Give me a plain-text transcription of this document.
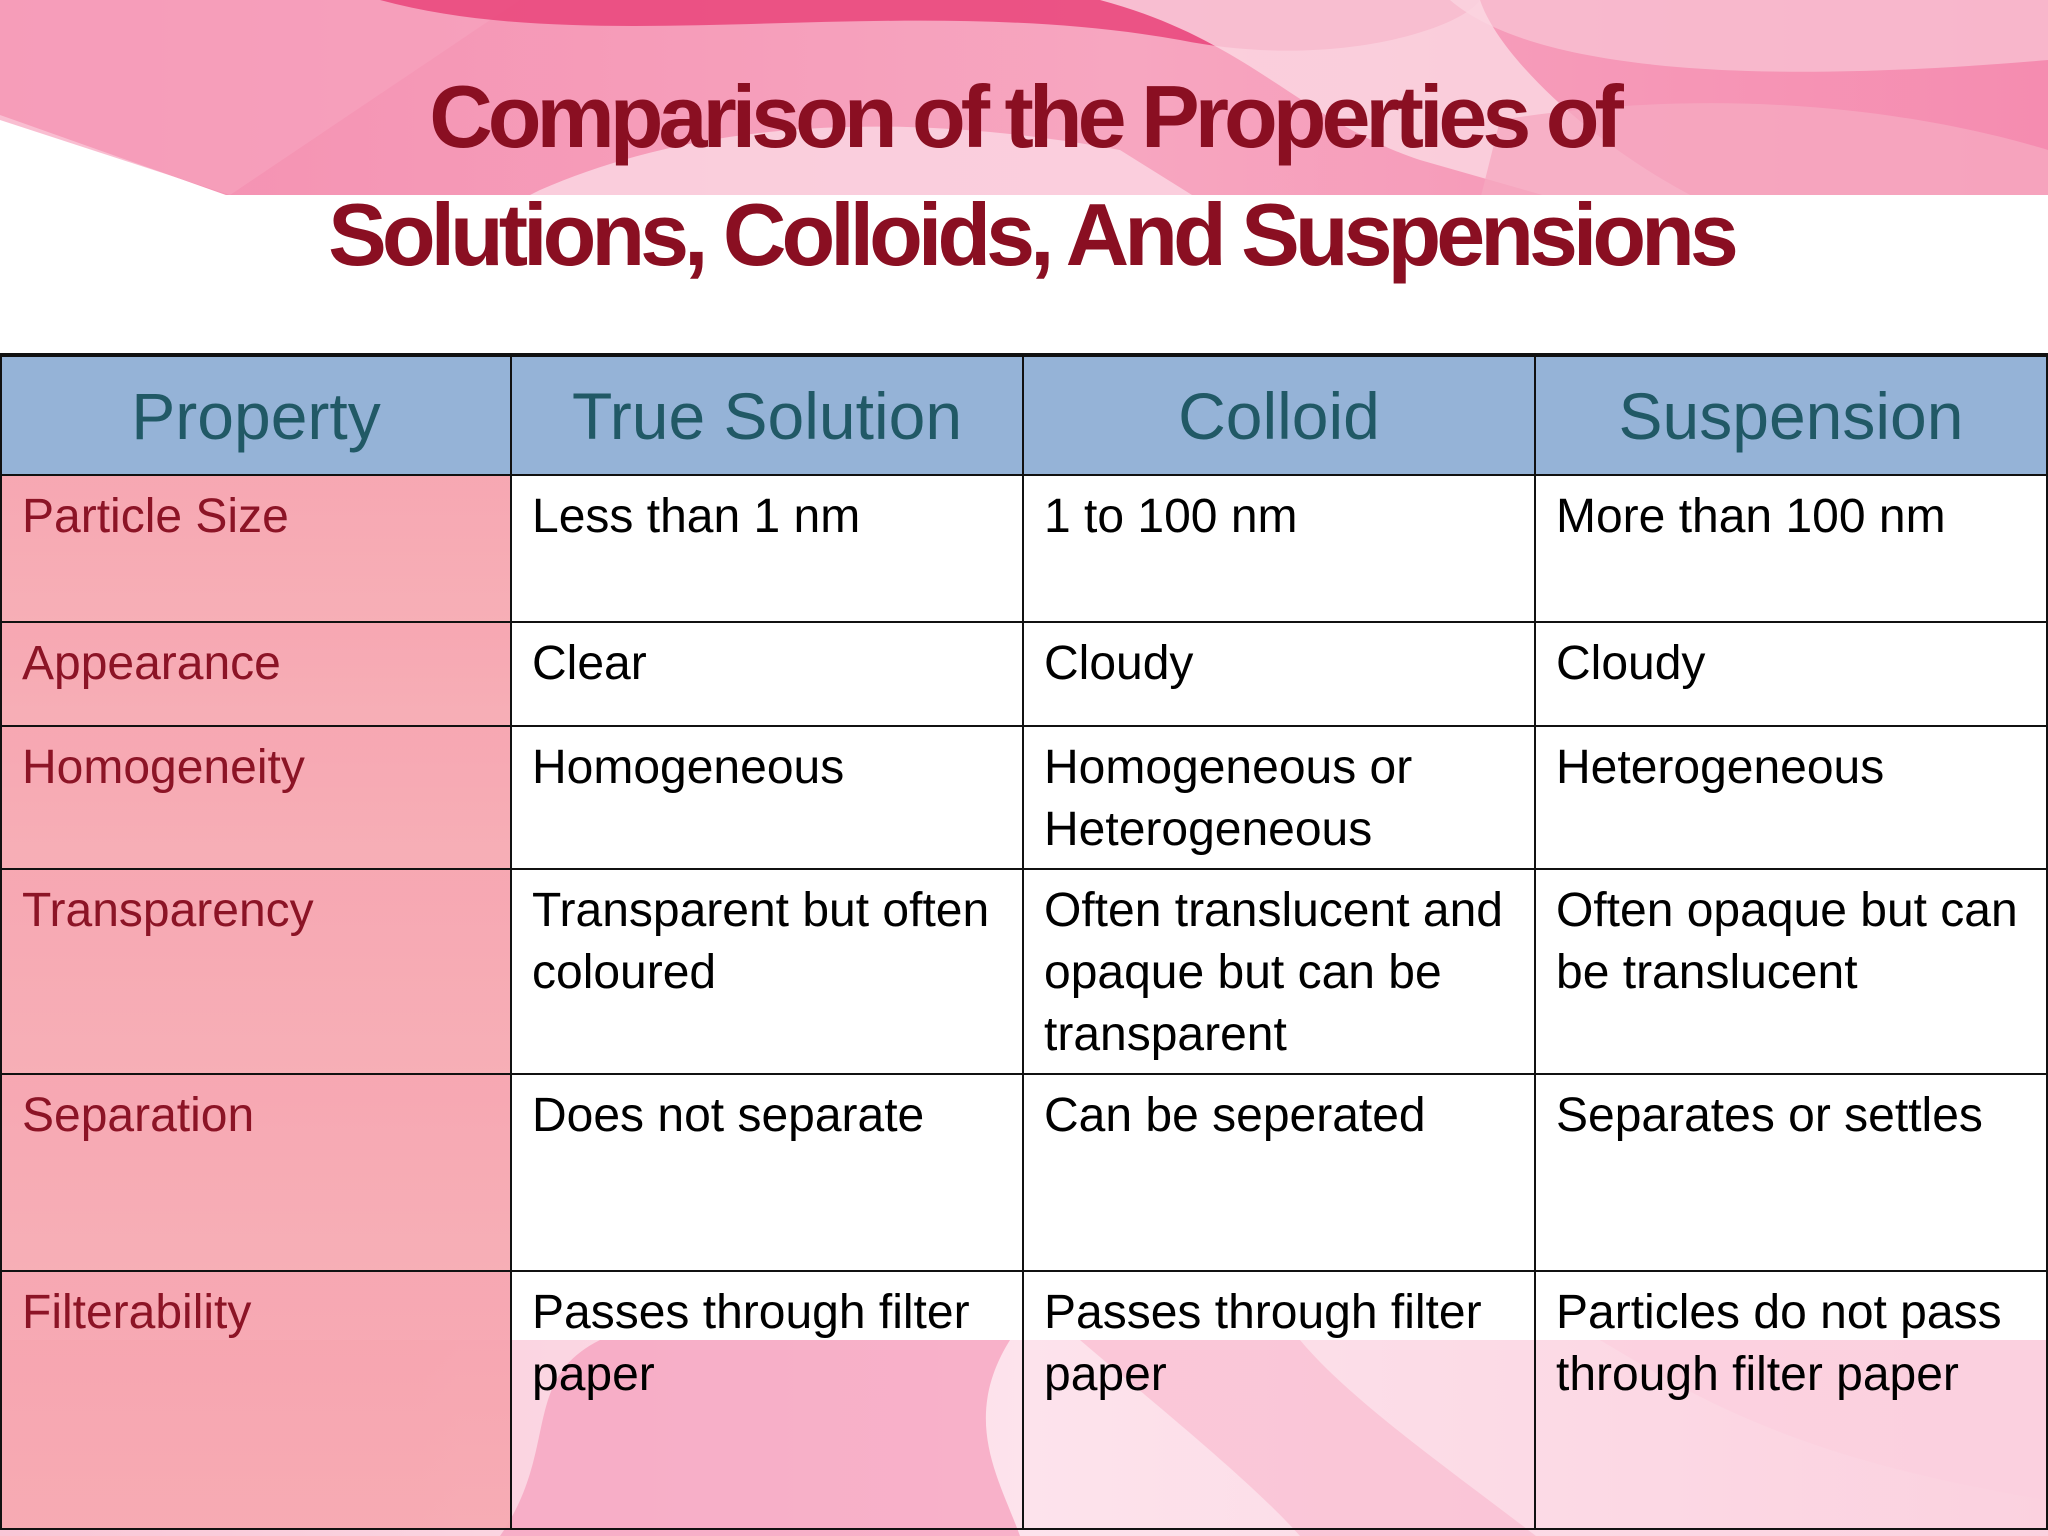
Comparison of the Properties of
Solutions, Colloids, And Suspensions
Property	True Solution	Colloid	Suspension
Particle Size	Less than 1 nm	1 to 100 nm	More than 100 nm
Appearance	Clear	Cloudy	Cloudy
Homogeneity	Homogeneous	Homogeneous or Heterogeneous	Heterogeneous
Transparency	Transparent but often coloured	Often translucent and opaque but can be transparent	Often opaque but can be translucent
Separation	Does not separate	Can be seperated	Separates or settles
Filterability	Passes through filter paper	Passes through filter paper	Particles do not pass through filter paper
